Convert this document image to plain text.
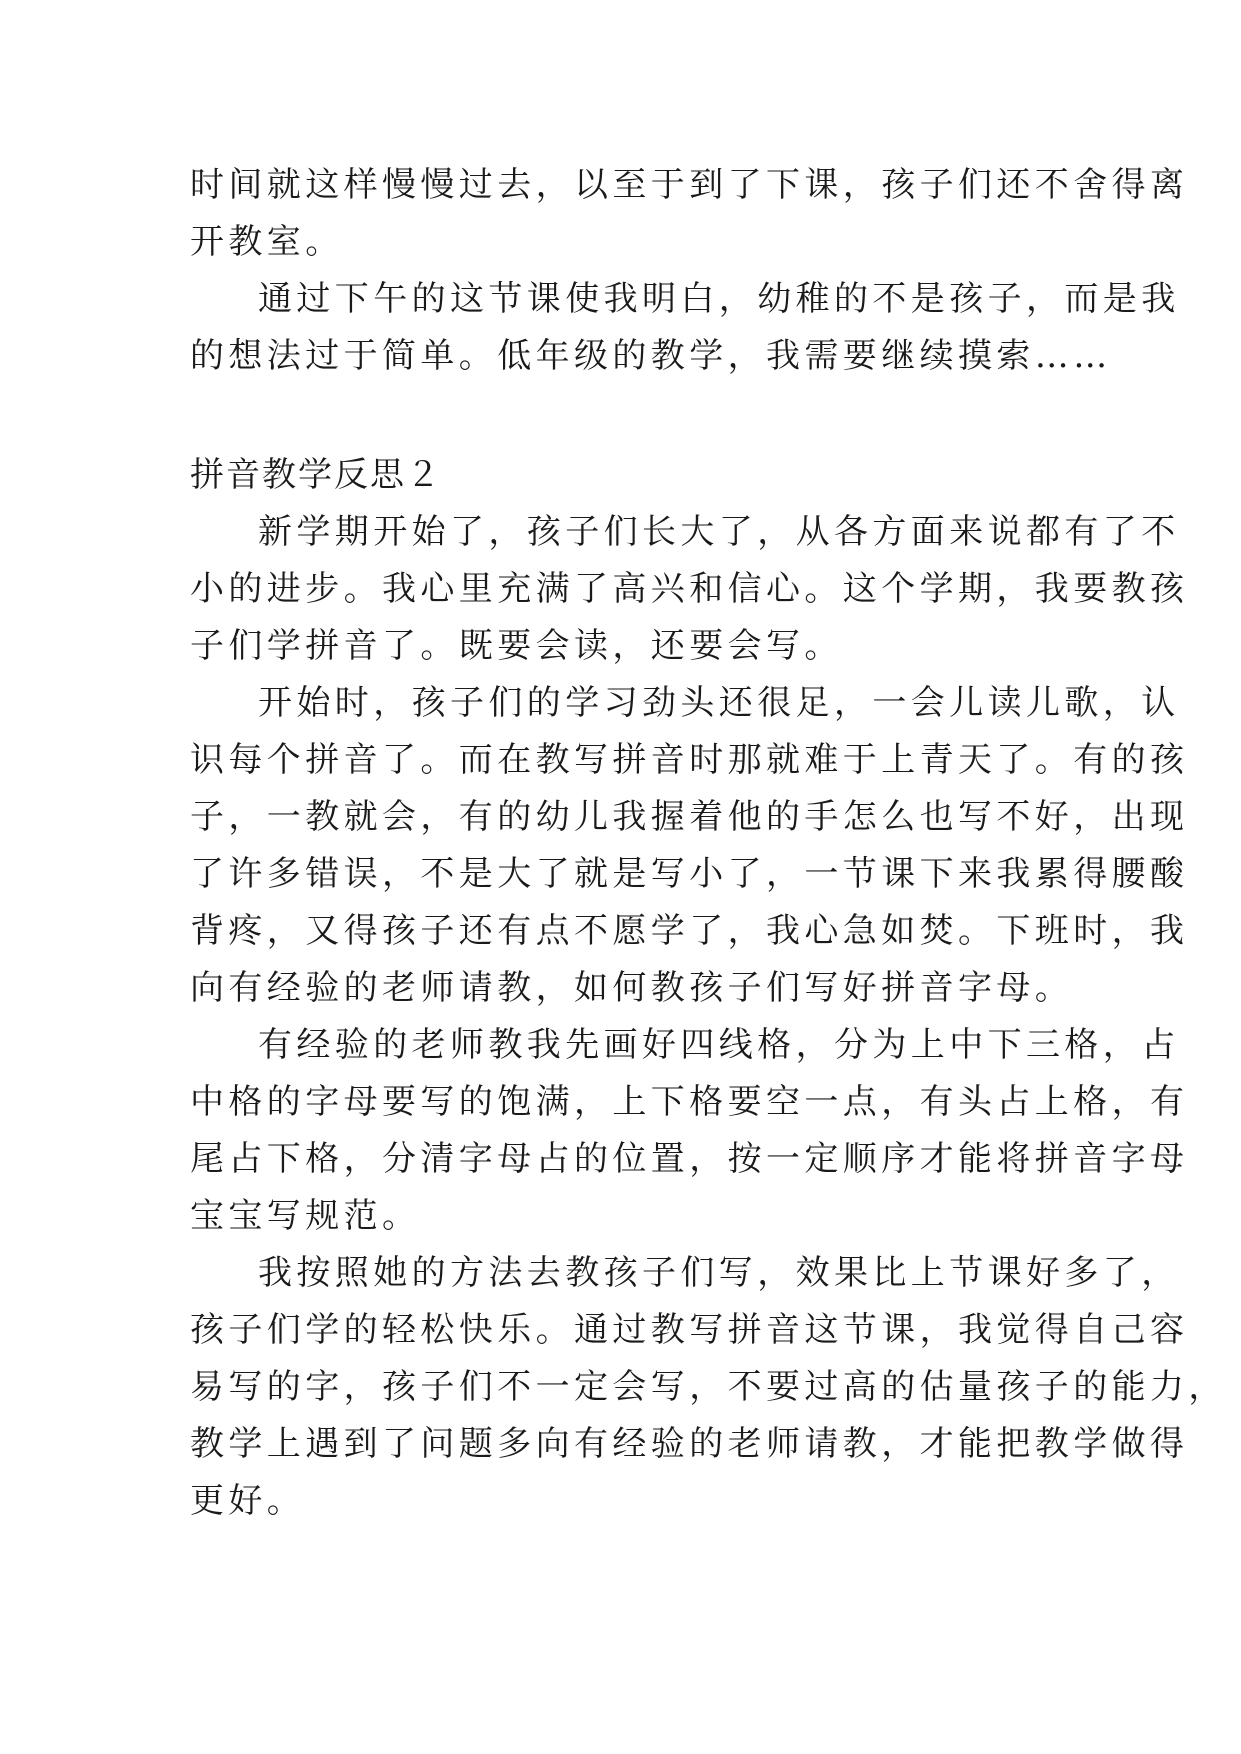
时间就这样慢慢过去，以至于到了下课，孩子们还不舍得离
开教室。
通过下午的这节课使我明白，幼稚的不是孩子，而是我
的想法过于简单。低年级的教学，我需要继续摸索……
拼音教学反思２
新学期开始了，孩子们长大了，从各方面来说都有了不
小的进步。我心里充满了高兴和信心。这个学期，我要教孩
子们学拼音了。既要会读，还要会写。
开始时，孩子们的学习劲头还很足，一会儿读儿歌，认
识每个拼音了。而在教写拼音时那就难于上青天了。有的孩
子，一教就会，有的幼儿我握着他的手怎么也写不好，出现
了许多错误，不是大了就是写小了，一节课下来我累得腰酸
背疼，又得孩子还有点不愿学了，我心急如焚。下班时，我
向有经验的老师请教，如何教孩子们写好拼音字母。
有经验的老师教我先画好四线格，分为上中下三格，占
中格的字母要写的饱满，上下格要空一点，有头占上格，有
尾占下格，分清字母占的位置，按一定顺序才能将拼音字母
宝宝写规范。
我按照她的方法去教孩子们写，效果比上节课好多了，
孩子们学的轻松快乐。通过教写拼音这节课，我觉得自己容
易写的字，孩子们不一定会写，不要过高的估量孩子的能力，
教学上遇到了问题多向有经验的老师请教，才能把教学做得
更好。
